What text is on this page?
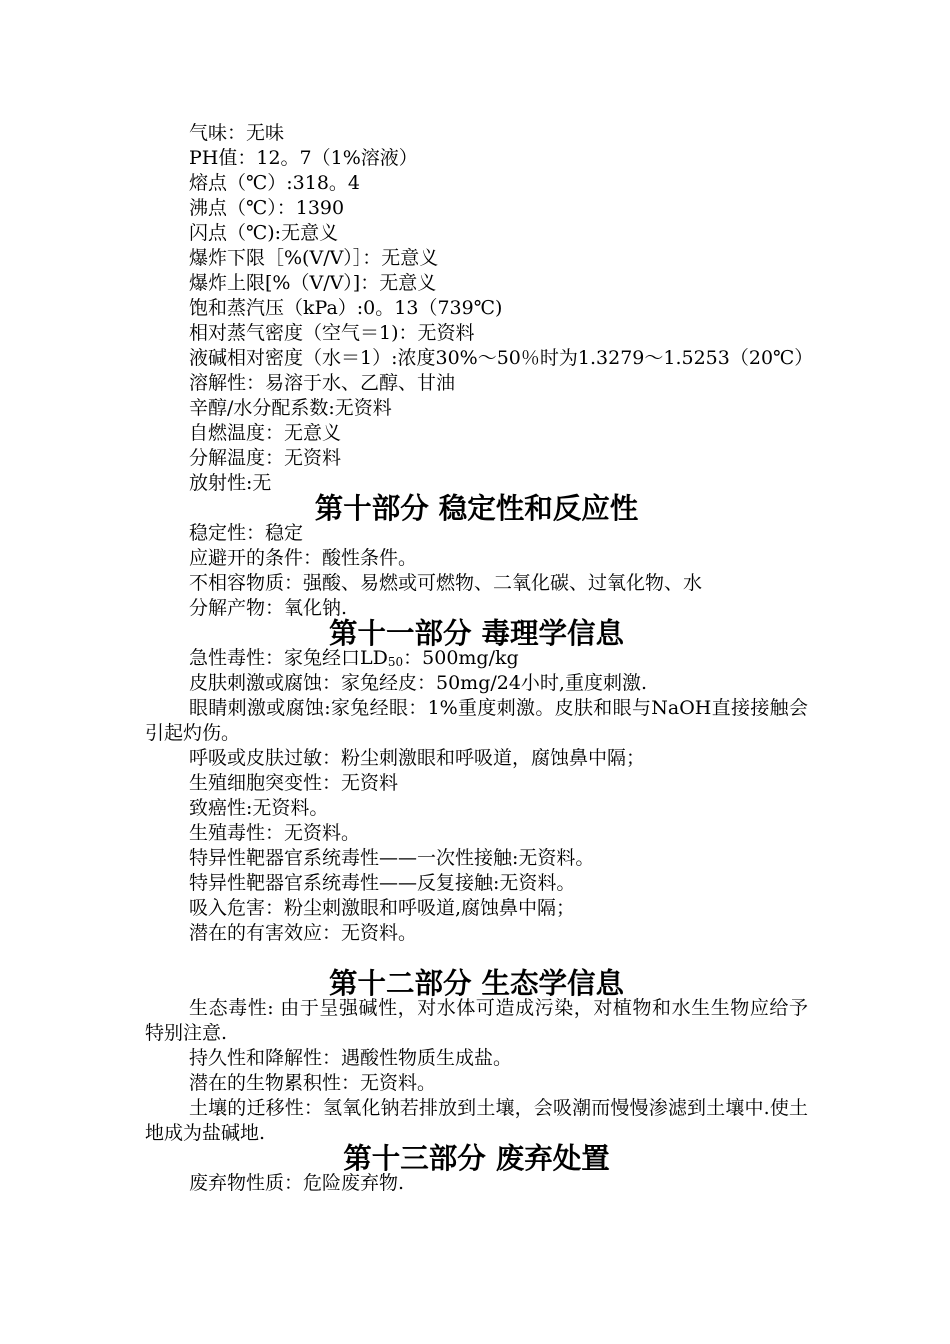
气味：无味

PH值：12。7（1%溶液）

熔点（℃）:318。4

沸点（℃）：1390

闪点（℃):无意义

爆炸下限［%(V/V）］：无意义

爆炸上限[%（V/V）]：无意义

饱和蒸汽压（kPa）:0。13（739℃)

相对蒸气密度（空气＝1)：无资料

液碱相对密度（水＝1）:浓度30%～50％时为1.3279～1.5253（20℃）

溶解性：易溶于水、乙醇、甘油

辛醇/水分配系数:无资料

自燃温度：无意义

分解温度：无资料

放射性:无

第十部分 稳定性和反应性

稳定性：稳定

应避开的条件：酸性条件。

不相容物质：强酸、易燃或可燃物、二氧化碳、过氧化物、水

分解产物：氧化钠.

第十一部分 毒理学信息

急性毒性：家兔经口$LD_{50}$：500mg/kg

皮肤刺激或腐蚀：家兔经皮：50mg/24小时,重度刺激.

眼睛刺激或腐蚀:家兔经眼：1%重度刺激。皮肤和眼与NaOH直接接触会引起灼伤。

呼吸或皮肤过敏：粉尘刺激眼和呼吸道，腐蚀鼻中隔；

生殖细胞突变性：无资料

致癌性:无资料。

生殖毒性：无资料。

特异性靶器官系统毒性——一次性接触:无资料。

特异性靶器官系统毒性——反复接触:无资料。

吸入危害：粉尘刺激眼和呼吸道,腐蚀鼻中隔；

潜在的有害效应：无资料。

第十二部分 生态学信息

生态毒性: 由于呈强碱性，对水体可造成污染，对植物和水生生物应给予特别注意.

持久性和降解性：遇酸性物质生成盐。

潜在的生物累积性：无资料。

土壤的迁移性：氢氧化钠若排放到土壤，会吸潮而慢慢渗滤到土壤中.使土地成为盐碱地.

第十三部分 废弃处置

废弃物性质：危险废弃物.
